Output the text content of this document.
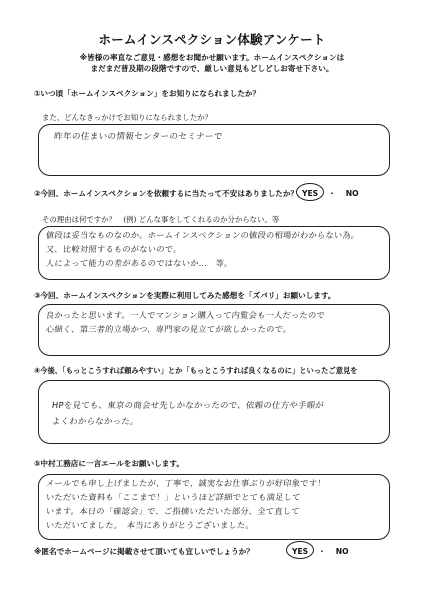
ホームインスペクション体験アンケート
※皆様の率直なご意見・感想をお聞かせ願います。ホームインスペクションは
まだまだ普及期の段階ですので、厳しい意見もどしどしお寄せ下さい。
①いつ頃「ホームインスペクション」をお知りになられましたか？
また、どんなきっかけでお知りになられましたか？
昨年の住まいの情報センターのセミナーで
②今回、ホームインスペクションを依頼するに当たって不安はありましたか？ YES ・ NO
その理由は何ですか？　(例) どんな事をしてくれるのか分からない。等
値段は妥当なものなのか。ホームインスペクションの値段の相場がわからない為。
又、比較対照するものがないので。
人によって能力の差があるのではないか…　等。
③今回、ホームインスペクションを実際に利用してみた感想を「ズバリ」お願いします。
良かったと思います。一人でマンション購入って内覧会も一人だったので
心細く、第三者的立場かつ、専門家の見立てが欲しかったので。
④今後、「もっとこうすれば頼みやすい」とか「もっとこうすれば良くなるのに」といったご意見を
HPを見ても、東京の商会せ先しかなかったので、依頼の仕方や手順が
よくわからなかった。
⑤中村工務店に一言エールをお願いします。
メールでも申し上げましたが、丁寧で、誠実なお仕事ぶりが好印象です！
いただいた資料も「ここまで！」というほど詳細でとても満足して
います。本日の「確認会」で、ご指摘いただいた部分、全て直して
いただいてました。　本当にありがとうございました。
※匿名でホームページに掲載させて頂いても宜しいでしょうか？	YES ・ NO
